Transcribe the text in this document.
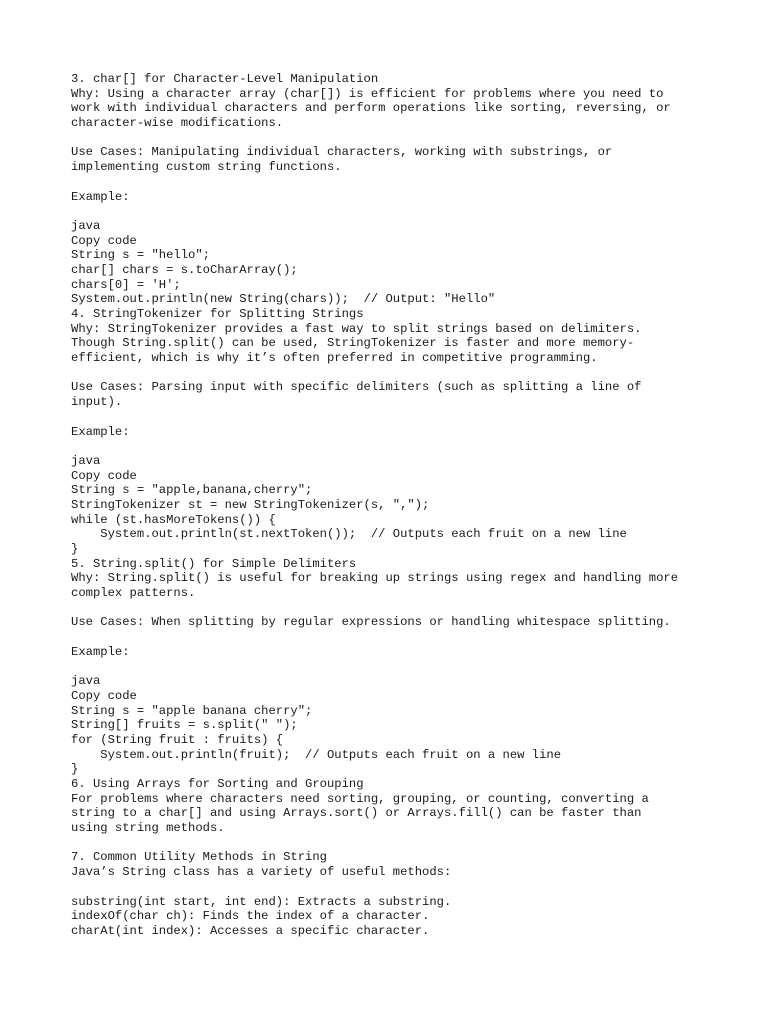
3. char[] for Character-Level Manipulation
Why: Using a character array (char[]) is efficient for problems where you need to
work with individual characters and perform operations like sorting, reversing, or
character-wise modifications.
Use Cases: Manipulating individual characters, working with substrings, or
implementing custom string functions.
Example:
java
Copy code
String s = "hello";
char[] chars = s.toCharArray();
chars[0] = 'H';
System.out.println(new String(chars));  // Output: "Hello"
4. StringTokenizer for Splitting Strings
Why: StringTokenizer provides a fast way to split strings based on delimiters.
Though String.split() can be used, StringTokenizer is faster and more memory-
efficient, which is why it’s often preferred in competitive programming.
Use Cases: Parsing input with specific delimiters (such as splitting a line of
input).
Example:
java
Copy code
String s = "apple,banana,cherry";
StringTokenizer st = new StringTokenizer(s, ",");
while (st.hasMoreTokens()) {
System.out.println(st.nextToken());  // Outputs each fruit on a new line
}
5. String.split() for Simple Delimiters
Why: String.split() is useful for breaking up strings using regex and handling more
complex patterns.
Use Cases: When splitting by regular expressions or handling whitespace splitting.
Example:
java
Copy code
String s = "apple banana cherry";
String[] fruits = s.split(" ");
for (String fruit : fruits) {
System.out.println(fruit);  // Outputs each fruit on a new line
}
6. Using Arrays for Sorting and Grouping
For problems where characters need sorting, grouping, or counting, converting a
string to a char[] and using Arrays.sort() or Arrays.fill() can be faster than
using string methods.
7. Common Utility Methods in String
Java’s String class has a variety of useful methods:
substring(int start, int end): Extracts a substring.
indexOf(char ch): Finds the index of a character.
charAt(int index): Accesses a specific character.
